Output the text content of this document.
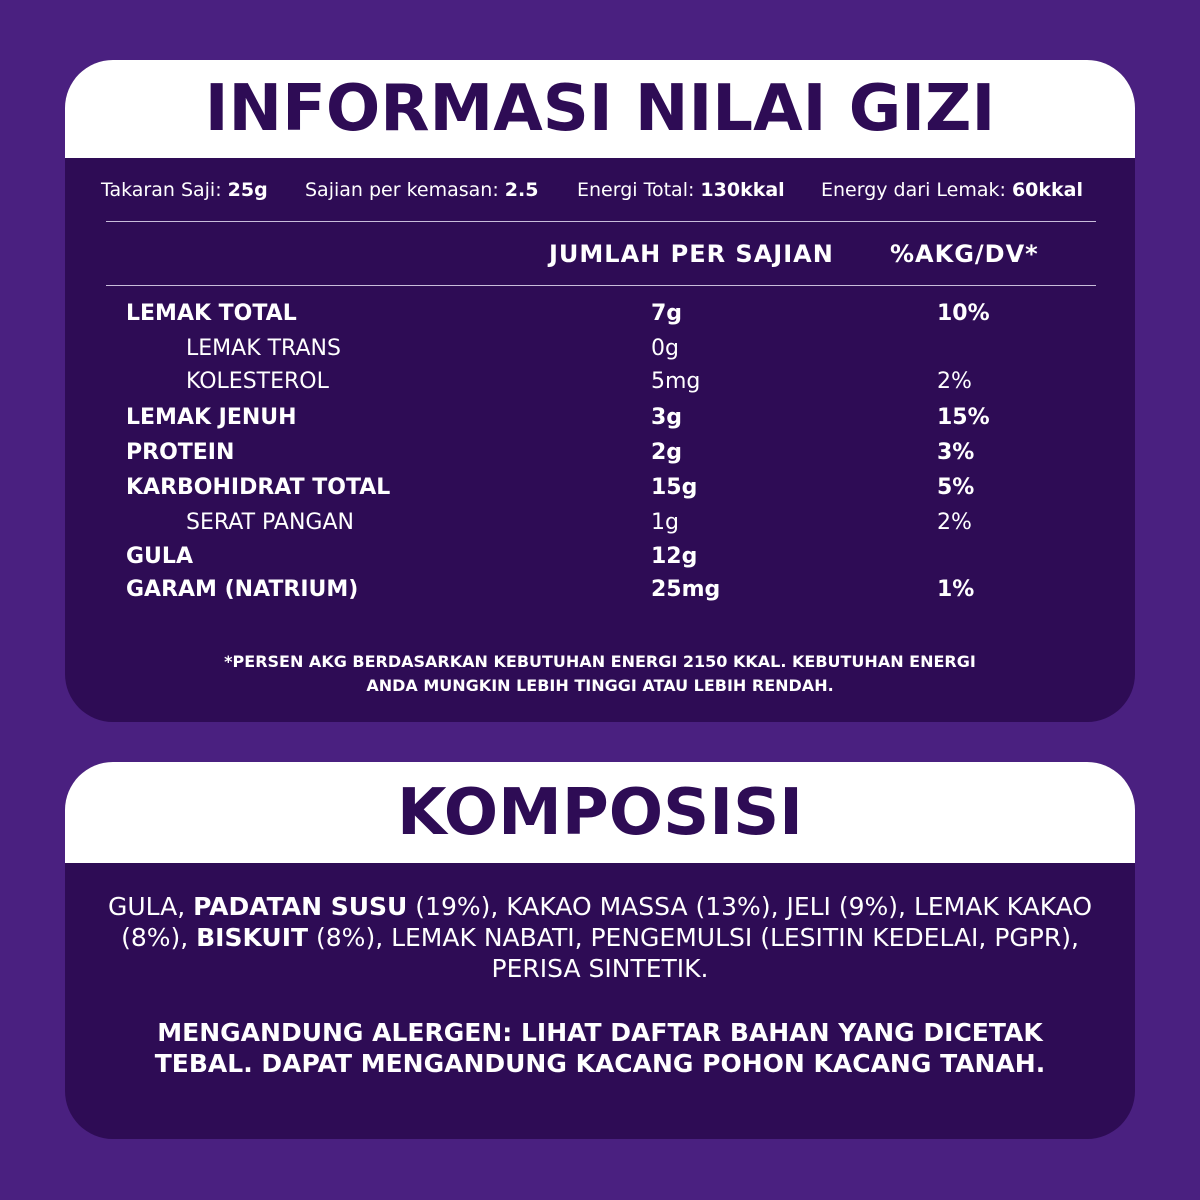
INFORMASI NILAI GIZI
Takaran Saji: 25g Sajian per kemasan: 2.5 Energi Total: 130kkal Energy dari Lemak: 60kkal
JUMLAH PER SAJIAN %AKG/DV*
LEMAK TOTAL	7g	10%
LEMAK TRANS	0g
KOLESTEROL	5mg	2%
LEMAK JENUH	3g	15%
PROTEIN	2g	3%
KARBOHIDRAT TOTAL	15g	5%
SERAT PANGAN	1g	2%
GULA	12g
GARAM (NATRIUM)	25mg	1%
*PERSEN AKG BERDASARKAN KEBUTUHAN ENERGI 2150 KKAL. KEBUTUHAN ENERGI
ANDA MUNGKIN LEBIH TINGGI ATAU LEBIH RENDAH.
KOMPOSISI
GULA, PADATAN SUSU (19%), KAKAO MASSA (13%), JELI (9%), LEMAK KAKAO (8%), BISKUIT (8%), LEMAK NABATI, PENGEMULSI (LESITIN KEDELAI, PGPR), PERISA SINTETIK.
MENGANDUNG ALERGEN: LIHAT DAFTAR BAHAN YANG DICETAK TEBAL. DAPAT MENGANDUNG KACANG POHON KACANG TANAH.
